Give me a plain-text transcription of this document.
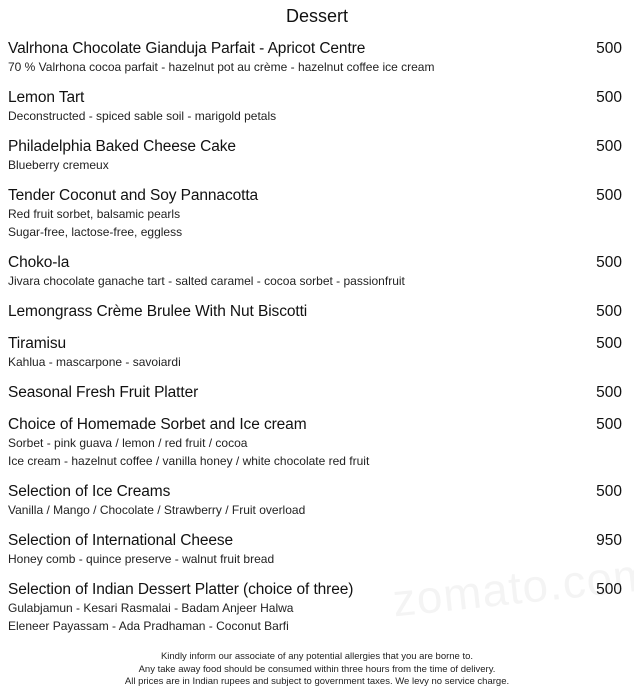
Dessert
Valrhona Chocolate Gianduja Parfait - Apricot Centre	500
70 % Valrhona cocoa parfait - hazelnut pot au crème - hazelnut coffee ice cream
Lemon Tart	500
Deconstructed - spiced sable soil - marigold petals
Philadelphia Baked Cheese Cake	500
Blueberry cremeux
Tender Coconut and Soy Pannacotta	500
Red fruit sorbet, balsamic pearls
Sugar-free, lactose-free, eggless
Choko-la	500
Jivara chocolate ganache tart - salted caramel - cocoa sorbet - passionfruit
Lemongrass Crème Brulee With Nut Biscotti	500
Tiramisu	500
Kahlua - mascarpone - savoiardi
Seasonal Fresh Fruit Platter	500
Choice of Homemade Sorbet and Ice cream	500
Sorbet - pink guava / lemon / red fruit / cocoa
Ice cream - hazelnut coffee / vanilla honey / white chocolate red fruit
Selection of Ice Creams	500
Vanilla / Mango / Chocolate / Strawberry / Fruit overload
Selection of International Cheese	950
Honey comb - quince preserve - walnut fruit bread
Selection of Indian Dessert Platter (choice of three)	500
Gulabjamun - Kesari Rasmalai - Badam Anjeer Halwa
Eleneer Payassam - Ada Pradhaman - Coconut Barfi
Kindly inform our associate of any potential allergies that you are borne to.
Any take away food should be consumed within three hours from the time of delivery.
All prices are in Indian rupees and subject to government taxes. We levy no service charge.
